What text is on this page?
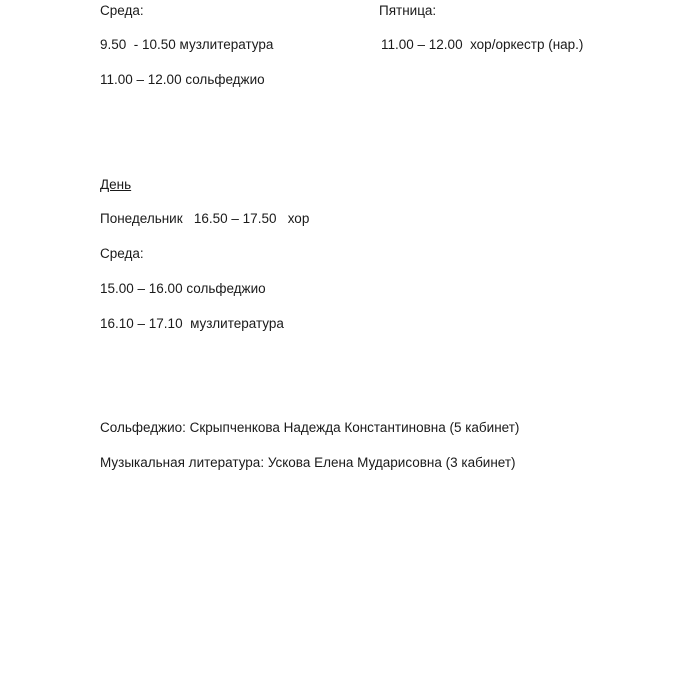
Среда:	Пятница:
9.50  - 10.50 музлитература	11.00 – 12.00  хор/оркестр (нар.)
11.00 – 12.00 сольфеджио
День
Понедельник   16.50 – 17.50   хор
Среда:
15.00 – 16.00 сольфеджио
16.10 – 17.10  музлитература
Сольфеджио: Скрыпченкова Надежда Константиновна (5 кабинет)
Музыкальная литература: Ускова Елена Мударисовна (3 кабинет)
